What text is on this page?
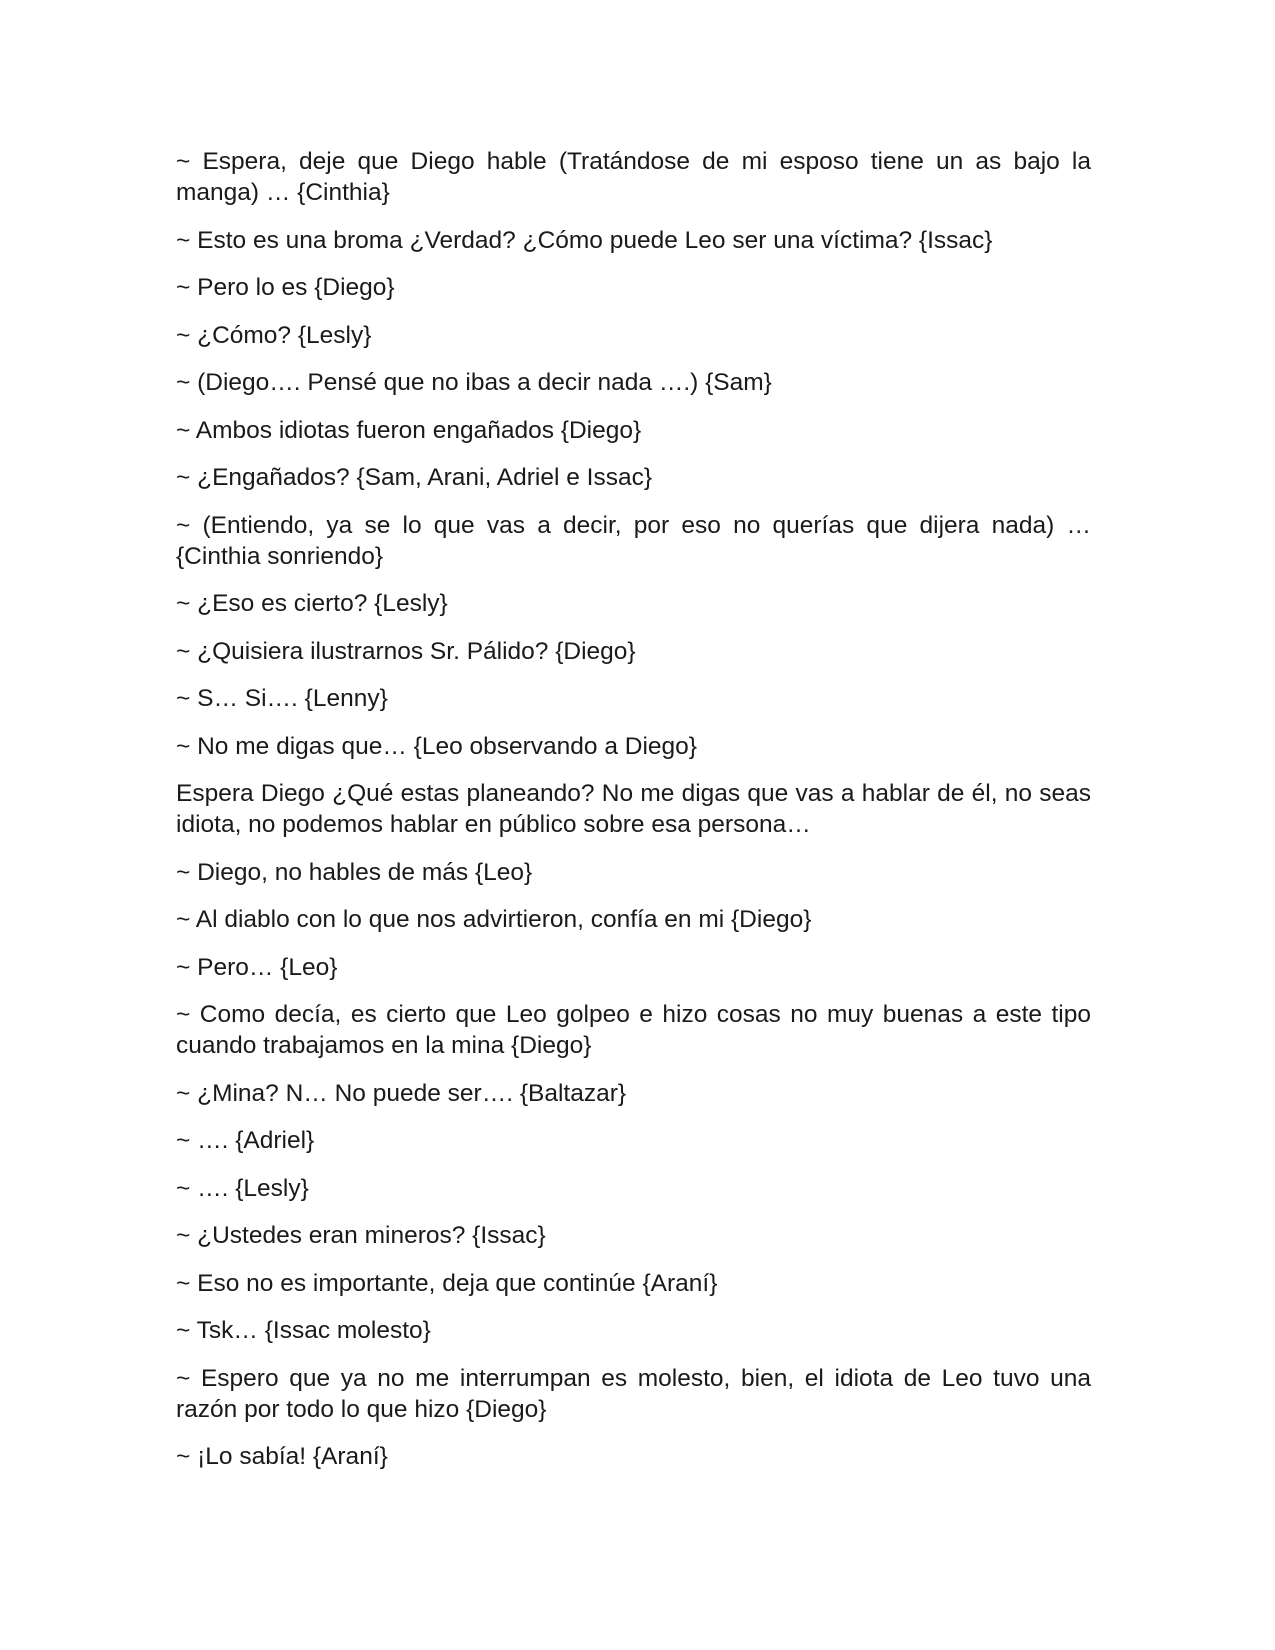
~ Espera, deje que Diego hable (Tratándose de mi esposo tiene un as bajo la manga) … {Cinthia}

~ Esto es una broma ¿Verdad? ¿Cómo puede Leo ser una víctima? {Issac}

~ Pero lo es {Diego}

~ ¿Cómo? {Lesly}

~ (Diego…. Pensé que no ibas a decir nada ….) {Sam}

~ Ambos idiotas fueron engañados {Diego}

~ ¿Engañados? {Sam, Arani, Adriel e Issac}

~ (Entiendo, ya se lo que vas a decir, por eso no querías que dijera nada) … {Cinthia sonriendo}

~ ¿Eso es cierto? {Lesly}

~ ¿Quisiera ilustrarnos Sr. Pálido? {Diego}

~ S… Si…. {Lenny}

~ No me digas que… {Leo observando a Diego}

Espera Diego ¿Qué estas planeando? No me digas que vas a hablar de él, no seas idiota, no podemos hablar en público sobre esa persona…

~ Diego, no hables de más {Leo}

~ Al diablo con lo que nos advirtieron, confía en mi {Diego}

~ Pero… {Leo}

~ Como decía, es cierto que Leo golpeo e hizo cosas no muy buenas a este tipo cuando trabajamos en la mina {Diego}

~ ¿Mina? N… No puede ser…. {Baltazar}

~ …. {Adriel}

~ …. {Lesly}

~ ¿Ustedes eran mineros? {Issac}

~ Eso no es importante, deja que continúe {Araní}

~ Tsk… {Issac molesto}

~ Espero que ya no me interrumpan es molesto, bien, el idiota de Leo tuvo una razón por todo lo que hizo {Diego}

~ ¡Lo sabía! {Araní}
